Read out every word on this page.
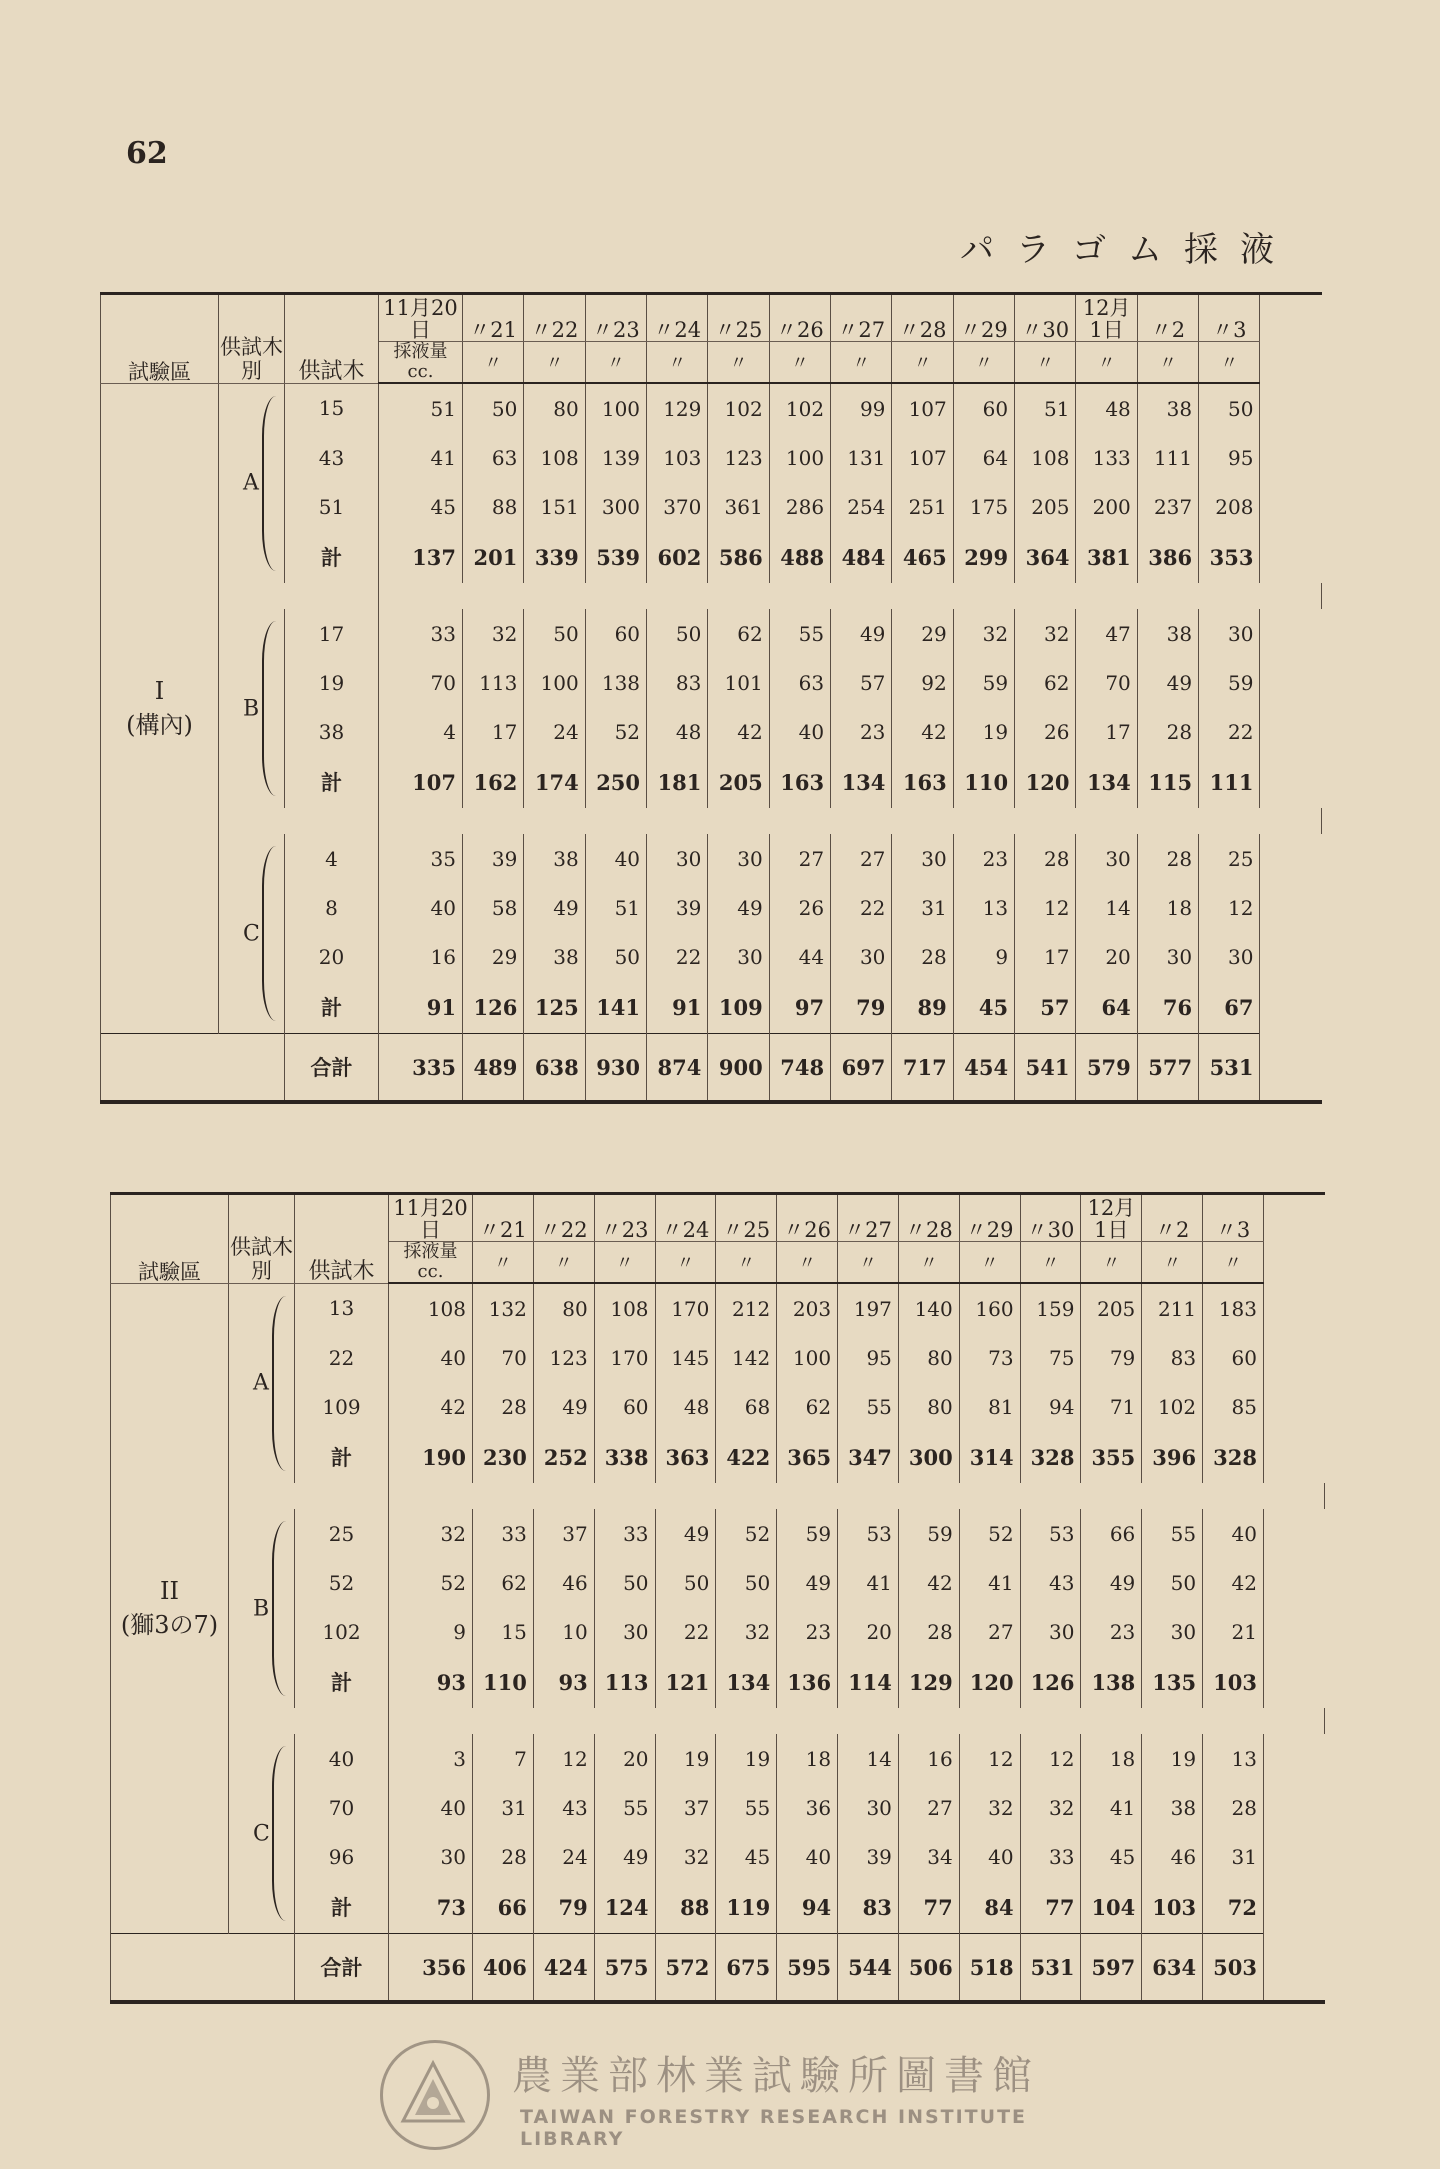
62
パラゴム採液
試驗區	供試木別	供試木	11月20日	〃21	〃22	〃23	〃24	〃25	〃26	〃27	〃28	〃29	〃30	12月1日	〃2	〃3

			採液量
cc.	〃	〃	〃	〃	〃	〃	〃	〃	〃	〃	〃	〃	〃

I
(構內)	A	15	51	50	80	100	129	102	102	99	107	60	51	48	38	50
		43	41	63	108	139	103	123	100	131	107	64	108	133	111	95
		51	45	88	151	300	370	361	286	254	251	175	205	200	237	208
		計	137	201	339	539	602	586	488	484	465	299	364	381	386	353

	B	17	33	32	50	60	50	62	55	49	29	32	32	47	38	30
		19	70	113	100	138	83	101	63	57	92	59	62	70	49	59
		38	4	17	24	52	48	42	40	23	42	19	26	17	28	22
		計	107	162	174	250	181	205	163	134	163	110	120	134	115	111

	C	4	35	39	38	40	30	30	27	27	30	23	28	30	28	25
		8	40	58	49	51	39	49	26	22	31	13	12	14	18	12
		20	16	29	38	50	22	30	44	30	28	9	17	20	30	30
		計	91	126	125	141	91	109	97	79	89	45	57	64	76	67
		合計	335	489	638	930	874	900	748	697	717	454	541	579	577	531
試驗區	供試木別	供試木	11月20日	〃21	〃22	〃23	〃24	〃25	〃26	〃27	〃28	〃29	〃30	12月1日	〃2	〃3

			採液量
cc.	〃	〃	〃	〃	〃	〃	〃	〃	〃	〃	〃	〃	〃

II
(獅3の7)	A	13	108	132	80	108	170	212	203	197	140	160	159	205	211	183
		22	40	70	123	170	145	142	100	95	80	73	75	79	83	60
		109	42	28	49	60	48	68	62	55	80	81	94	71	102	85
		計	190	230	252	338	363	422	365	347	300	314	328	355	396	328

	B	25	32	33	37	33	49	52	59	53	59	52	53	66	55	40
		52	52	62	46	50	50	50	49	41	42	41	43	49	50	42
		102	9	15	10	30	22	32	23	20	28	27	30	23	30	21
		計	93	110	93	113	121	134	136	114	129	120	126	138	135	103

	C	40	3	7	12	20	19	19	18	14	16	12	12	18	19	13
		70	40	31	43	55	37	55	36	30	27	32	32	41	38	28
		96	30	28	24	49	32	45	40	39	34	40	33	45	46	31
		計	73	66	79	124	88	119	94	83	77	84	77	104	103	72
		合計	356	406	424	575	572	675	595	544	506	518	531	597	634	503
農業部林業試驗所圖書館
TAIWAN FORESTRY RESEARCH INSTITUTE LIBRARY
